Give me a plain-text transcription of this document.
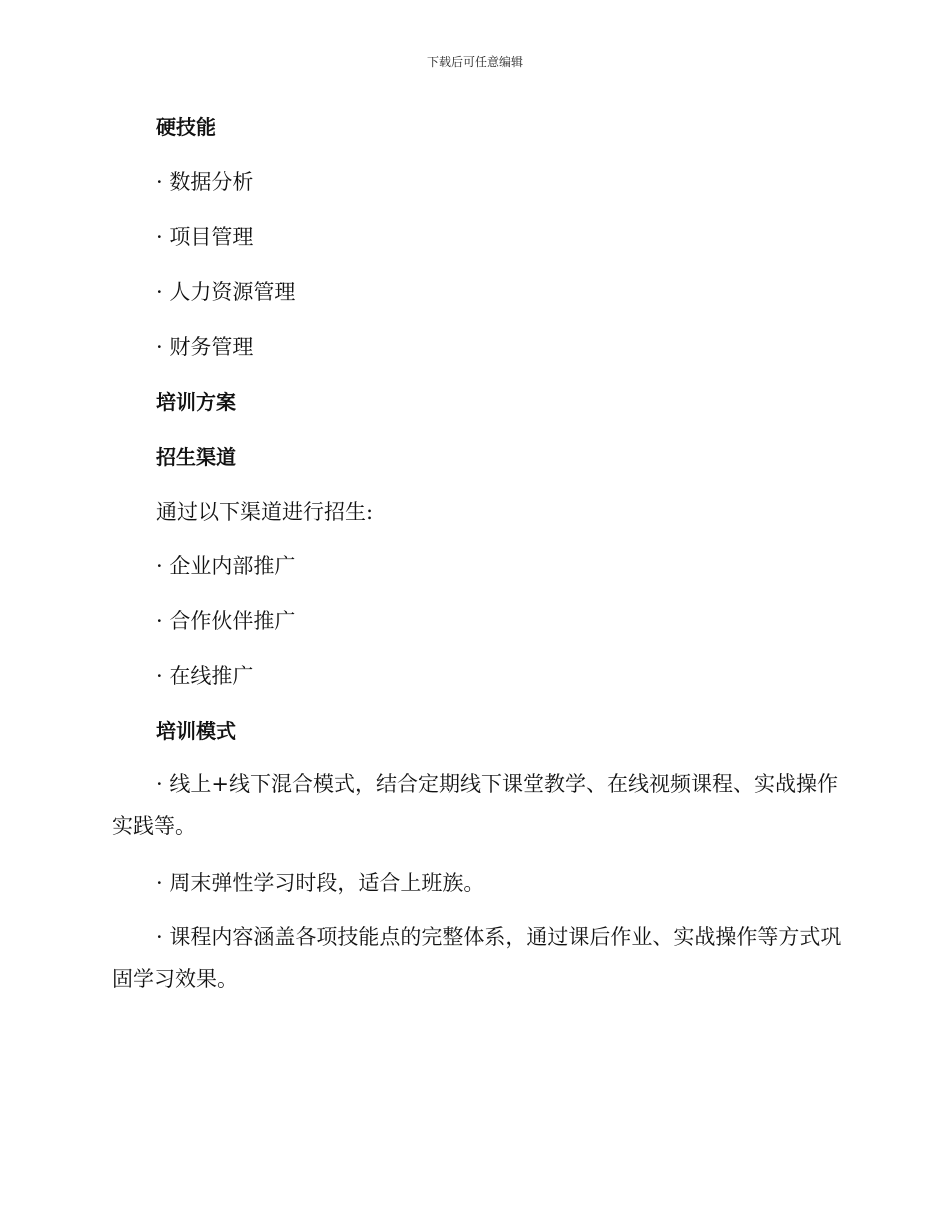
下载后可任意编辑
硬技能
· 数据分析
· 项目管理
· 人力资源管理
· 财务管理
培训方案
招生渠道
通过以下渠道进行招生:
· 企业内部推广
· 合作伙伴推广
· 在线推广
培训模式
· 线上+线下混合模式，结合定期线下课堂教学、在线视频课程、实战操作实践等。
· 周末弹性学习时段，适合上班族。
· 课程内容涵盖各项技能点的完整体系，通过课后作业、实战操作等方式巩固学习效果。
